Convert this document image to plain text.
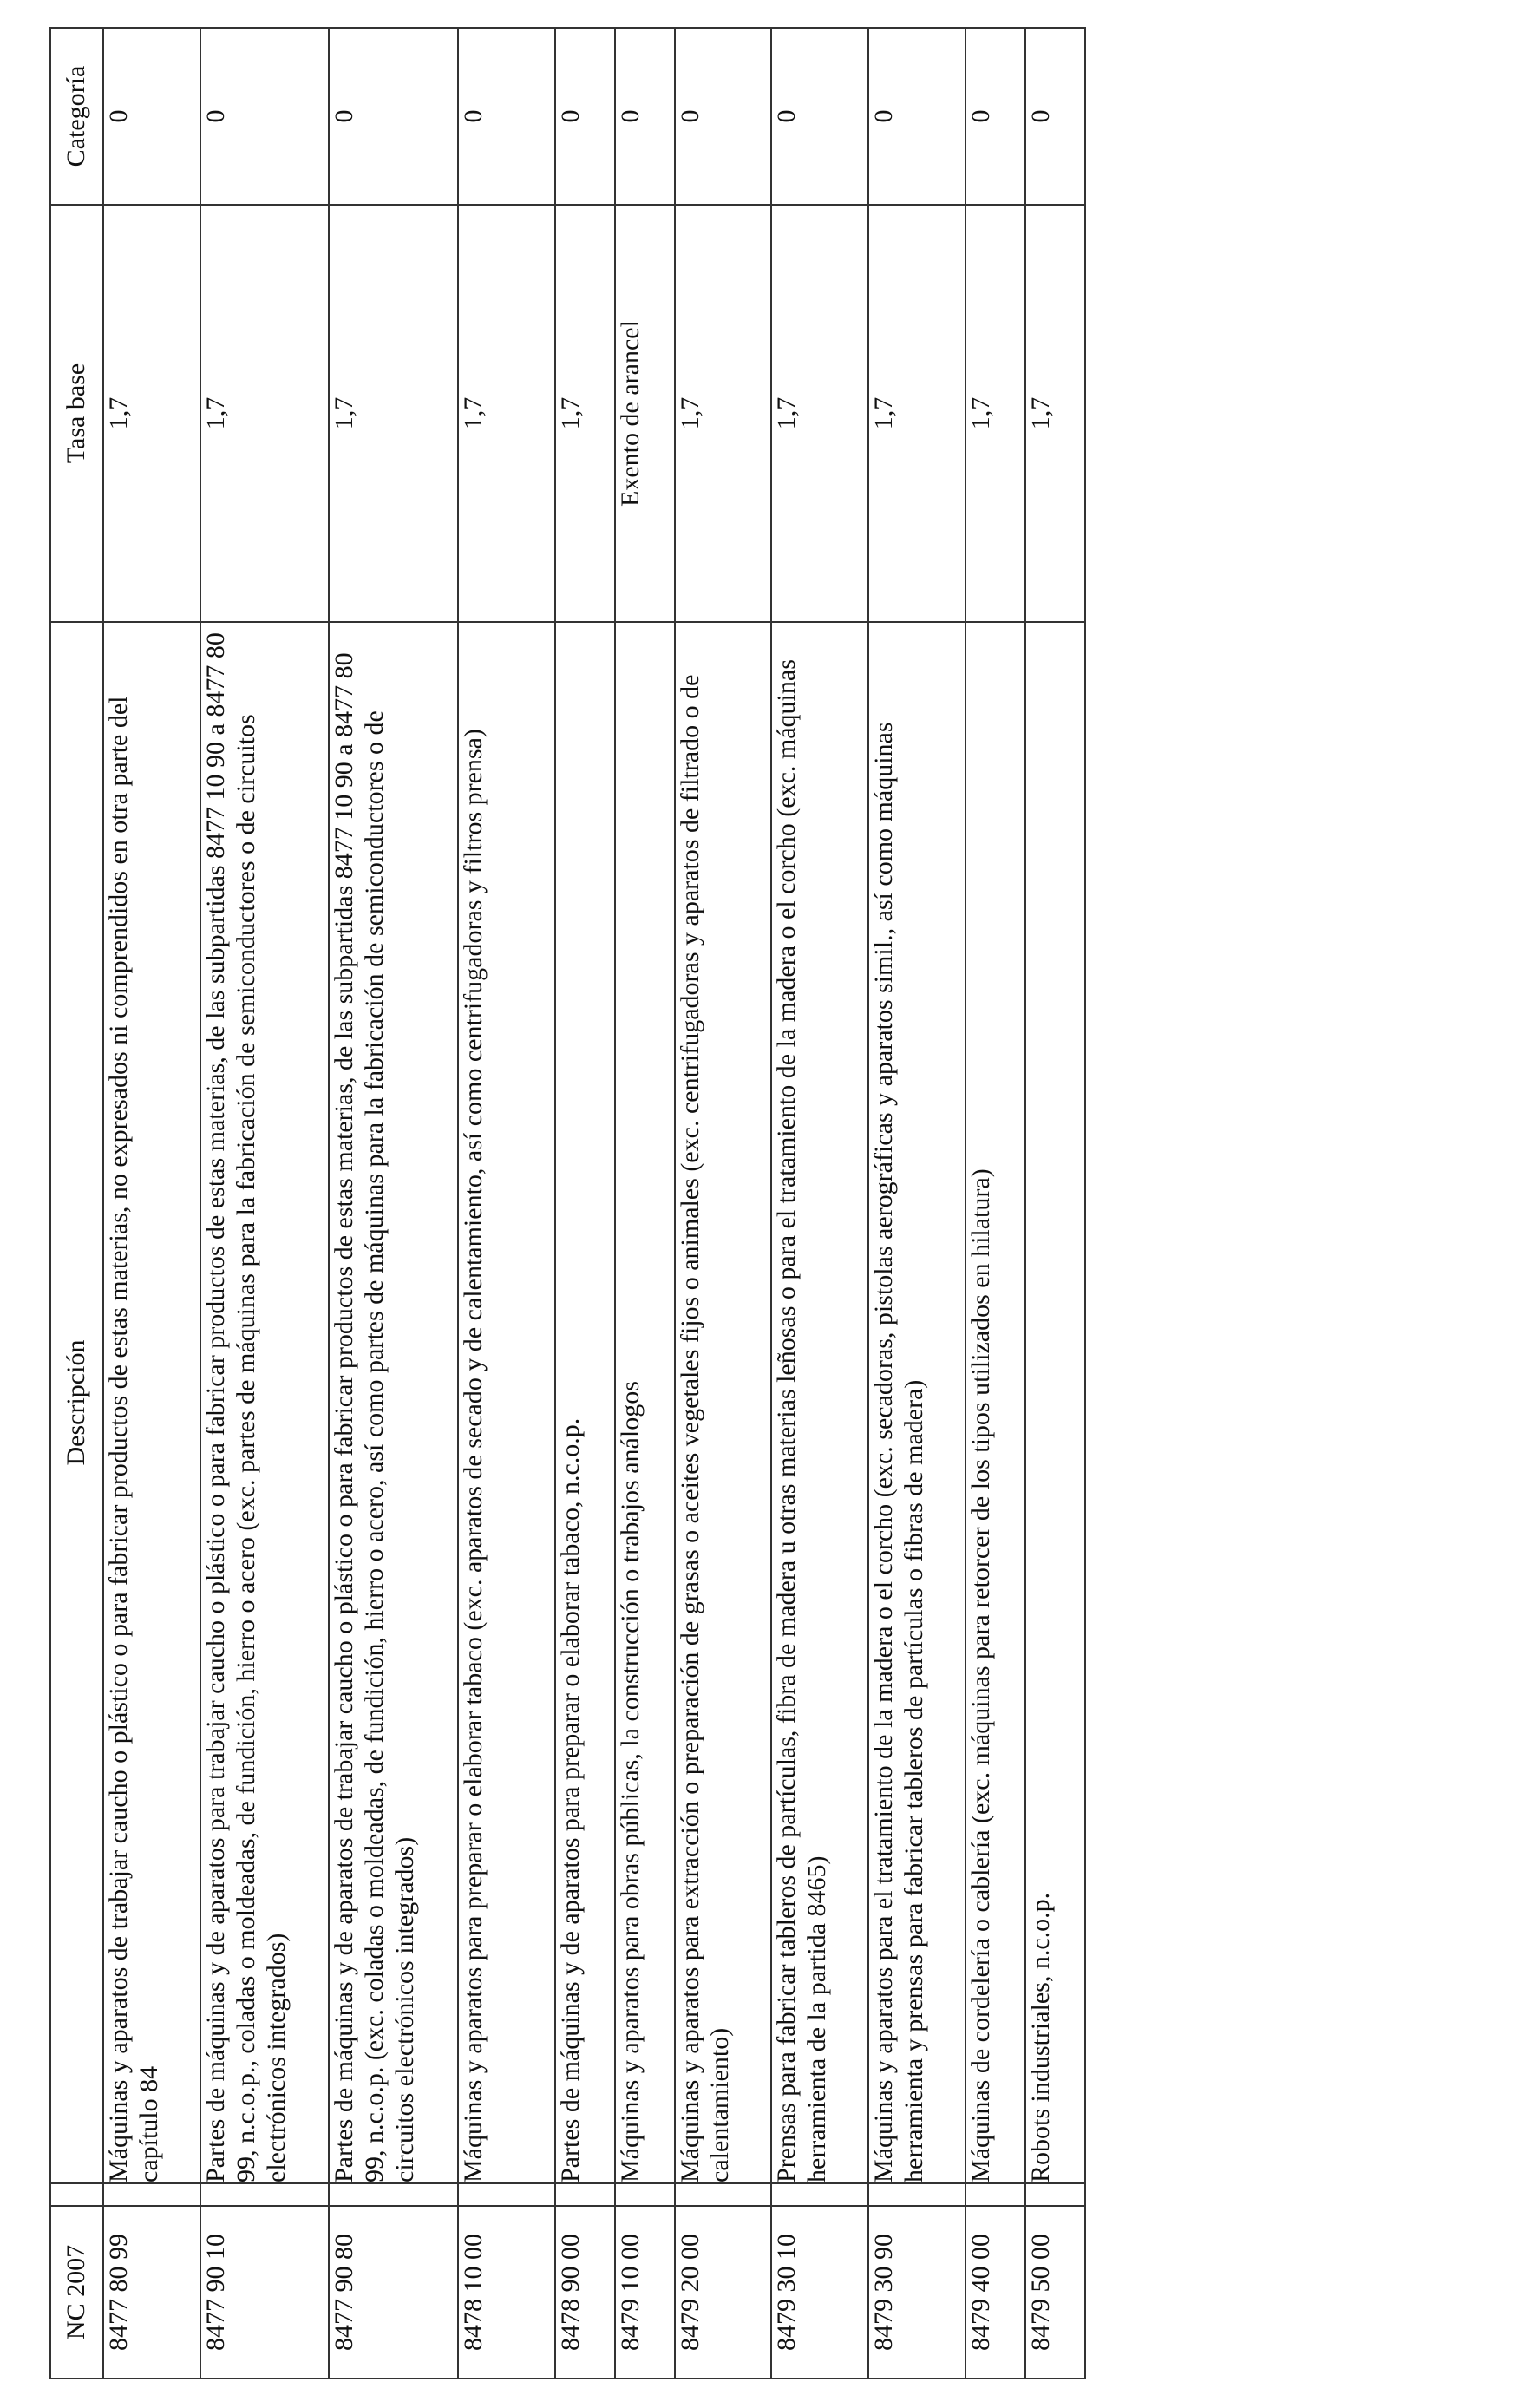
NC 2007		Descripción	Tasa base	Categoría
8477 80 99		Máquinas y aparatos de trabajar caucho o plástico o para fabricar productos de estas materias, no expresados ni comprendidos en otra parte del capítulo 84	1,7	0
8477 90 10		Partes de máquinas y de aparatos para trabajar caucho o plástico o para fabricar productos de estas materias, de las subpartidas 8477 10 90 a 8477 80 99, n.c.o.p., coladas o moldeadas, de fundición, hierro o acero (exc. partes de máquinas para la fabricación de semiconductores o de circuitos electrónicos integrados)	1,7	0
8477 90 80		Partes de máquinas y de aparatos de trabajar caucho o plástico o para fabricar productos de estas materias, de las subpartidas 8477 10 90 a 8477 80 99, n.c.o.p. (exc. coladas o moldeadas, de fundición, hierro o acero, así como partes de máquinas para la fabricación de semiconductores o de circuitos electrónicos integrados)	1,7	0
8478 10 00		Máquinas y aparatos para preparar o elaborar tabaco (exc. aparatos de secado y de calentamiento, así como centrifugadoras y filtros prensa)	1,7	0
8478 90 00		Partes de máquinas y de aparatos para preparar o elaborar tabaco, n.c.o.p.	1,7	0
8479 10 00		Máquinas y aparatos para obras públicas, la construcción o trabajos análogos	Exento de arancel	0
8479 20 00		Máquinas y aparatos para extracción o preparación de grasas o aceites vegetales fijos o animales (exc. centrifugadoras y aparatos de filtrado o de calentamiento)	1,7	0
8479 30 10		Prensas para fabricar tableros de partículas, fibra de madera u otras materias leñosas o para el tratamiento de la madera o el corcho (exc. máquinas herramienta de la partida 8465)	1,7	0
8479 30 90		Máquinas y aparatos para el tratamiento de la madera o el corcho (exc. secadoras, pistolas aerográficas y aparatos simil., así como máquinas herramienta y prensas para fabricar tableros de partículas o fibras de madera)	1,7	0
8479 40 00		Máquinas de cordelería o cablería (exc. máquinas para retorcer de los tipos utilizados en hilatura)	1,7	0
8479 50 00		Robots industriales, n.c.o.p.	1,7	0
